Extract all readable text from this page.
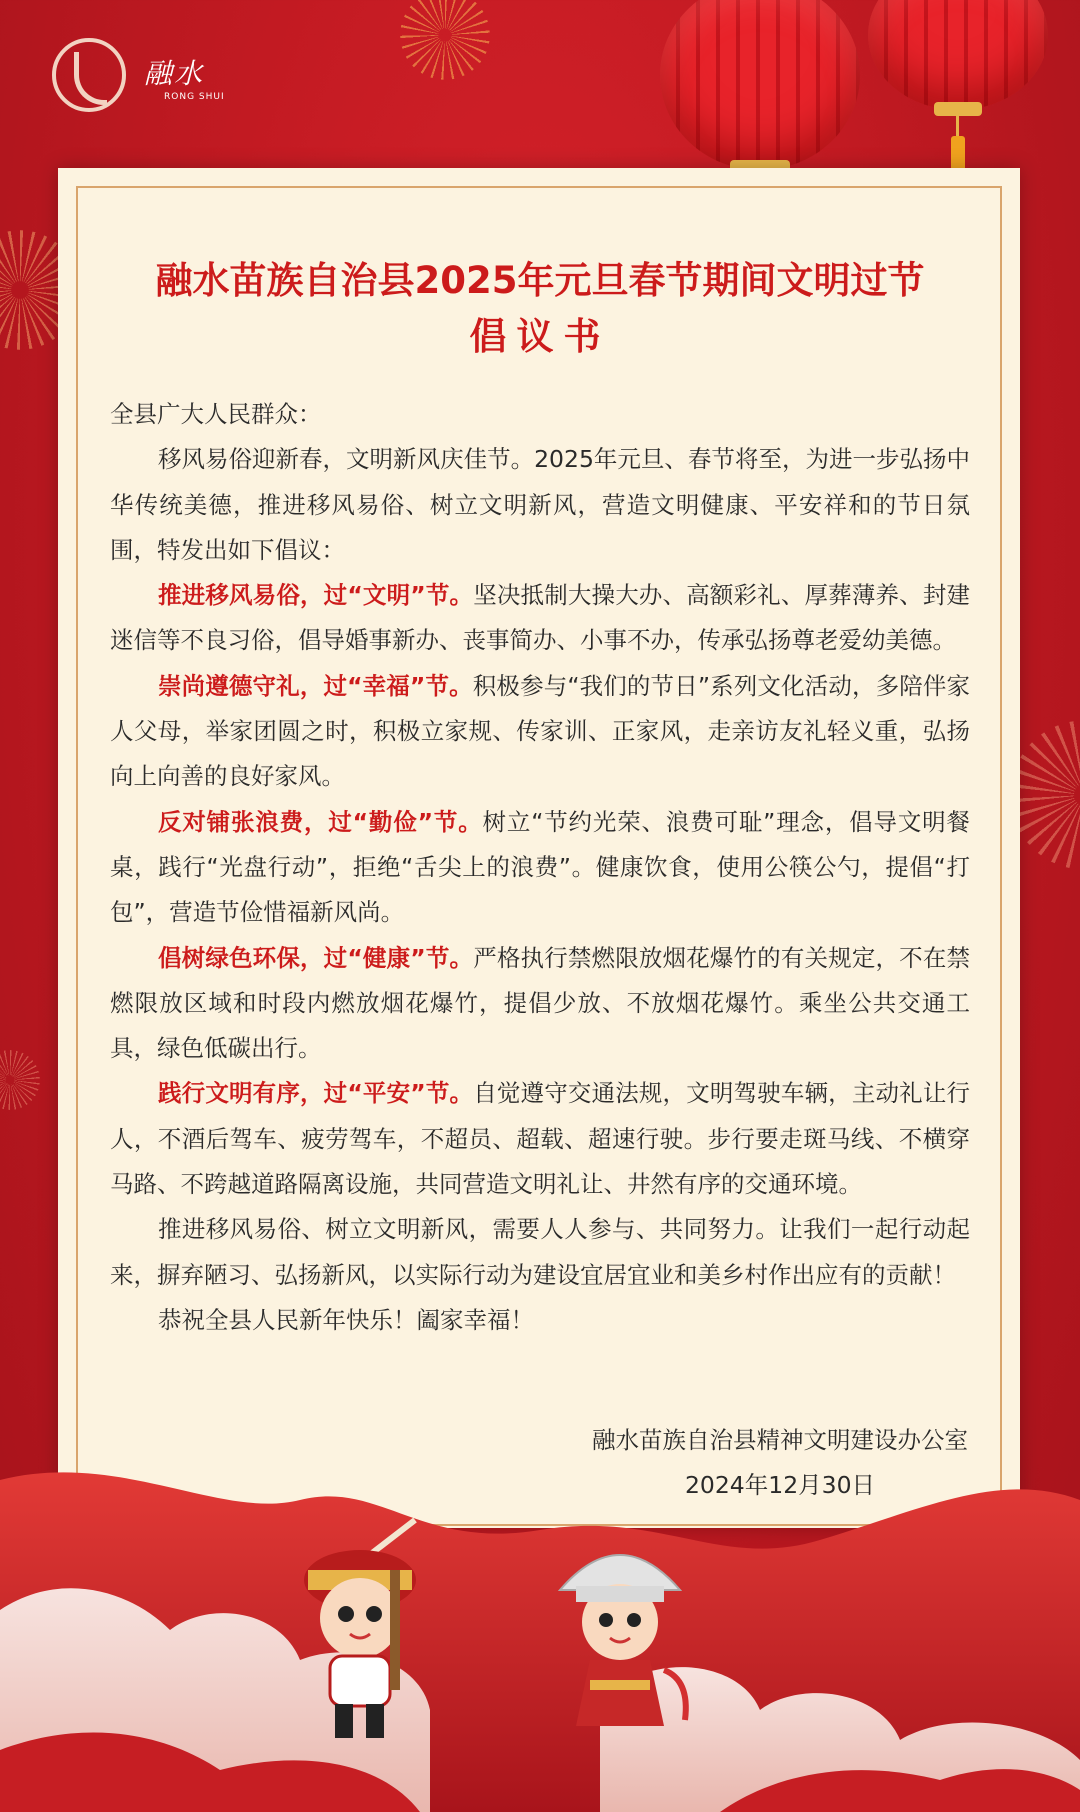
融水
RONG SHUI
融水苗族自治县2025年元旦春节期间文明过节
倡议书

全县广大人民群众：

移风易俗迎新春，文明新风庆佳节。2025年元旦、春节将至，为进一步弘扬中华传统美德，推进移风易俗、树立文明新风，营造文明健康、平安祥和的节日氛围，特发出如下倡议：

推进移风易俗，过“文明”节。坚决抵制大操大办、高额彩礼、厚葬薄养、封建迷信等不良习俗，倡导婚事新办、丧事简办、小事不办，传承弘扬尊老爱幼美德。

崇尚遵德守礼，过“幸福”节。积极参与“我们的节日”系列文化活动，多陪伴家人父母，举家团圆之时，积极立家规、传家训、正家风，走亲访友礼轻义重，弘扬向上向善的良好家风。

反对铺张浪费，过“勤俭”节。树立“节约光荣、浪费可耻”理念，倡导文明餐桌，践行“光盘行动”，拒绝“舌尖上的浪费”。健康饮食，使用公筷公勺，提倡“打包”，营造节俭惜福新风尚。

倡树绿色环保，过“健康”节。严格执行禁燃限放烟花爆竹的有关规定，不在禁燃限放区域和时段内燃放烟花爆竹，提倡少放、不放烟花爆竹。乘坐公共交通工具，绿色低碳出行。

践行文明有序，过“平安”节。自觉遵守交通法规，文明驾驶车辆，主动礼让行人，不酒后驾车、疲劳驾车，不超员、超载、超速行驶。步行要走斑马线、不横穿马路、不跨越道路隔离设施，共同营造文明礼让、井然有序的交通环境。

推进移风易俗、树立文明新风，需要人人参与、共同努力。让我们一起行动起来，摒弃陋习、弘扬新风，以实际行动为建设宜居宜业和美乡村作出应有的贡献！

恭祝全县人民新年快乐！阖家幸福！

融水苗族自治县精神文明建设办公室
2024年12月30日
